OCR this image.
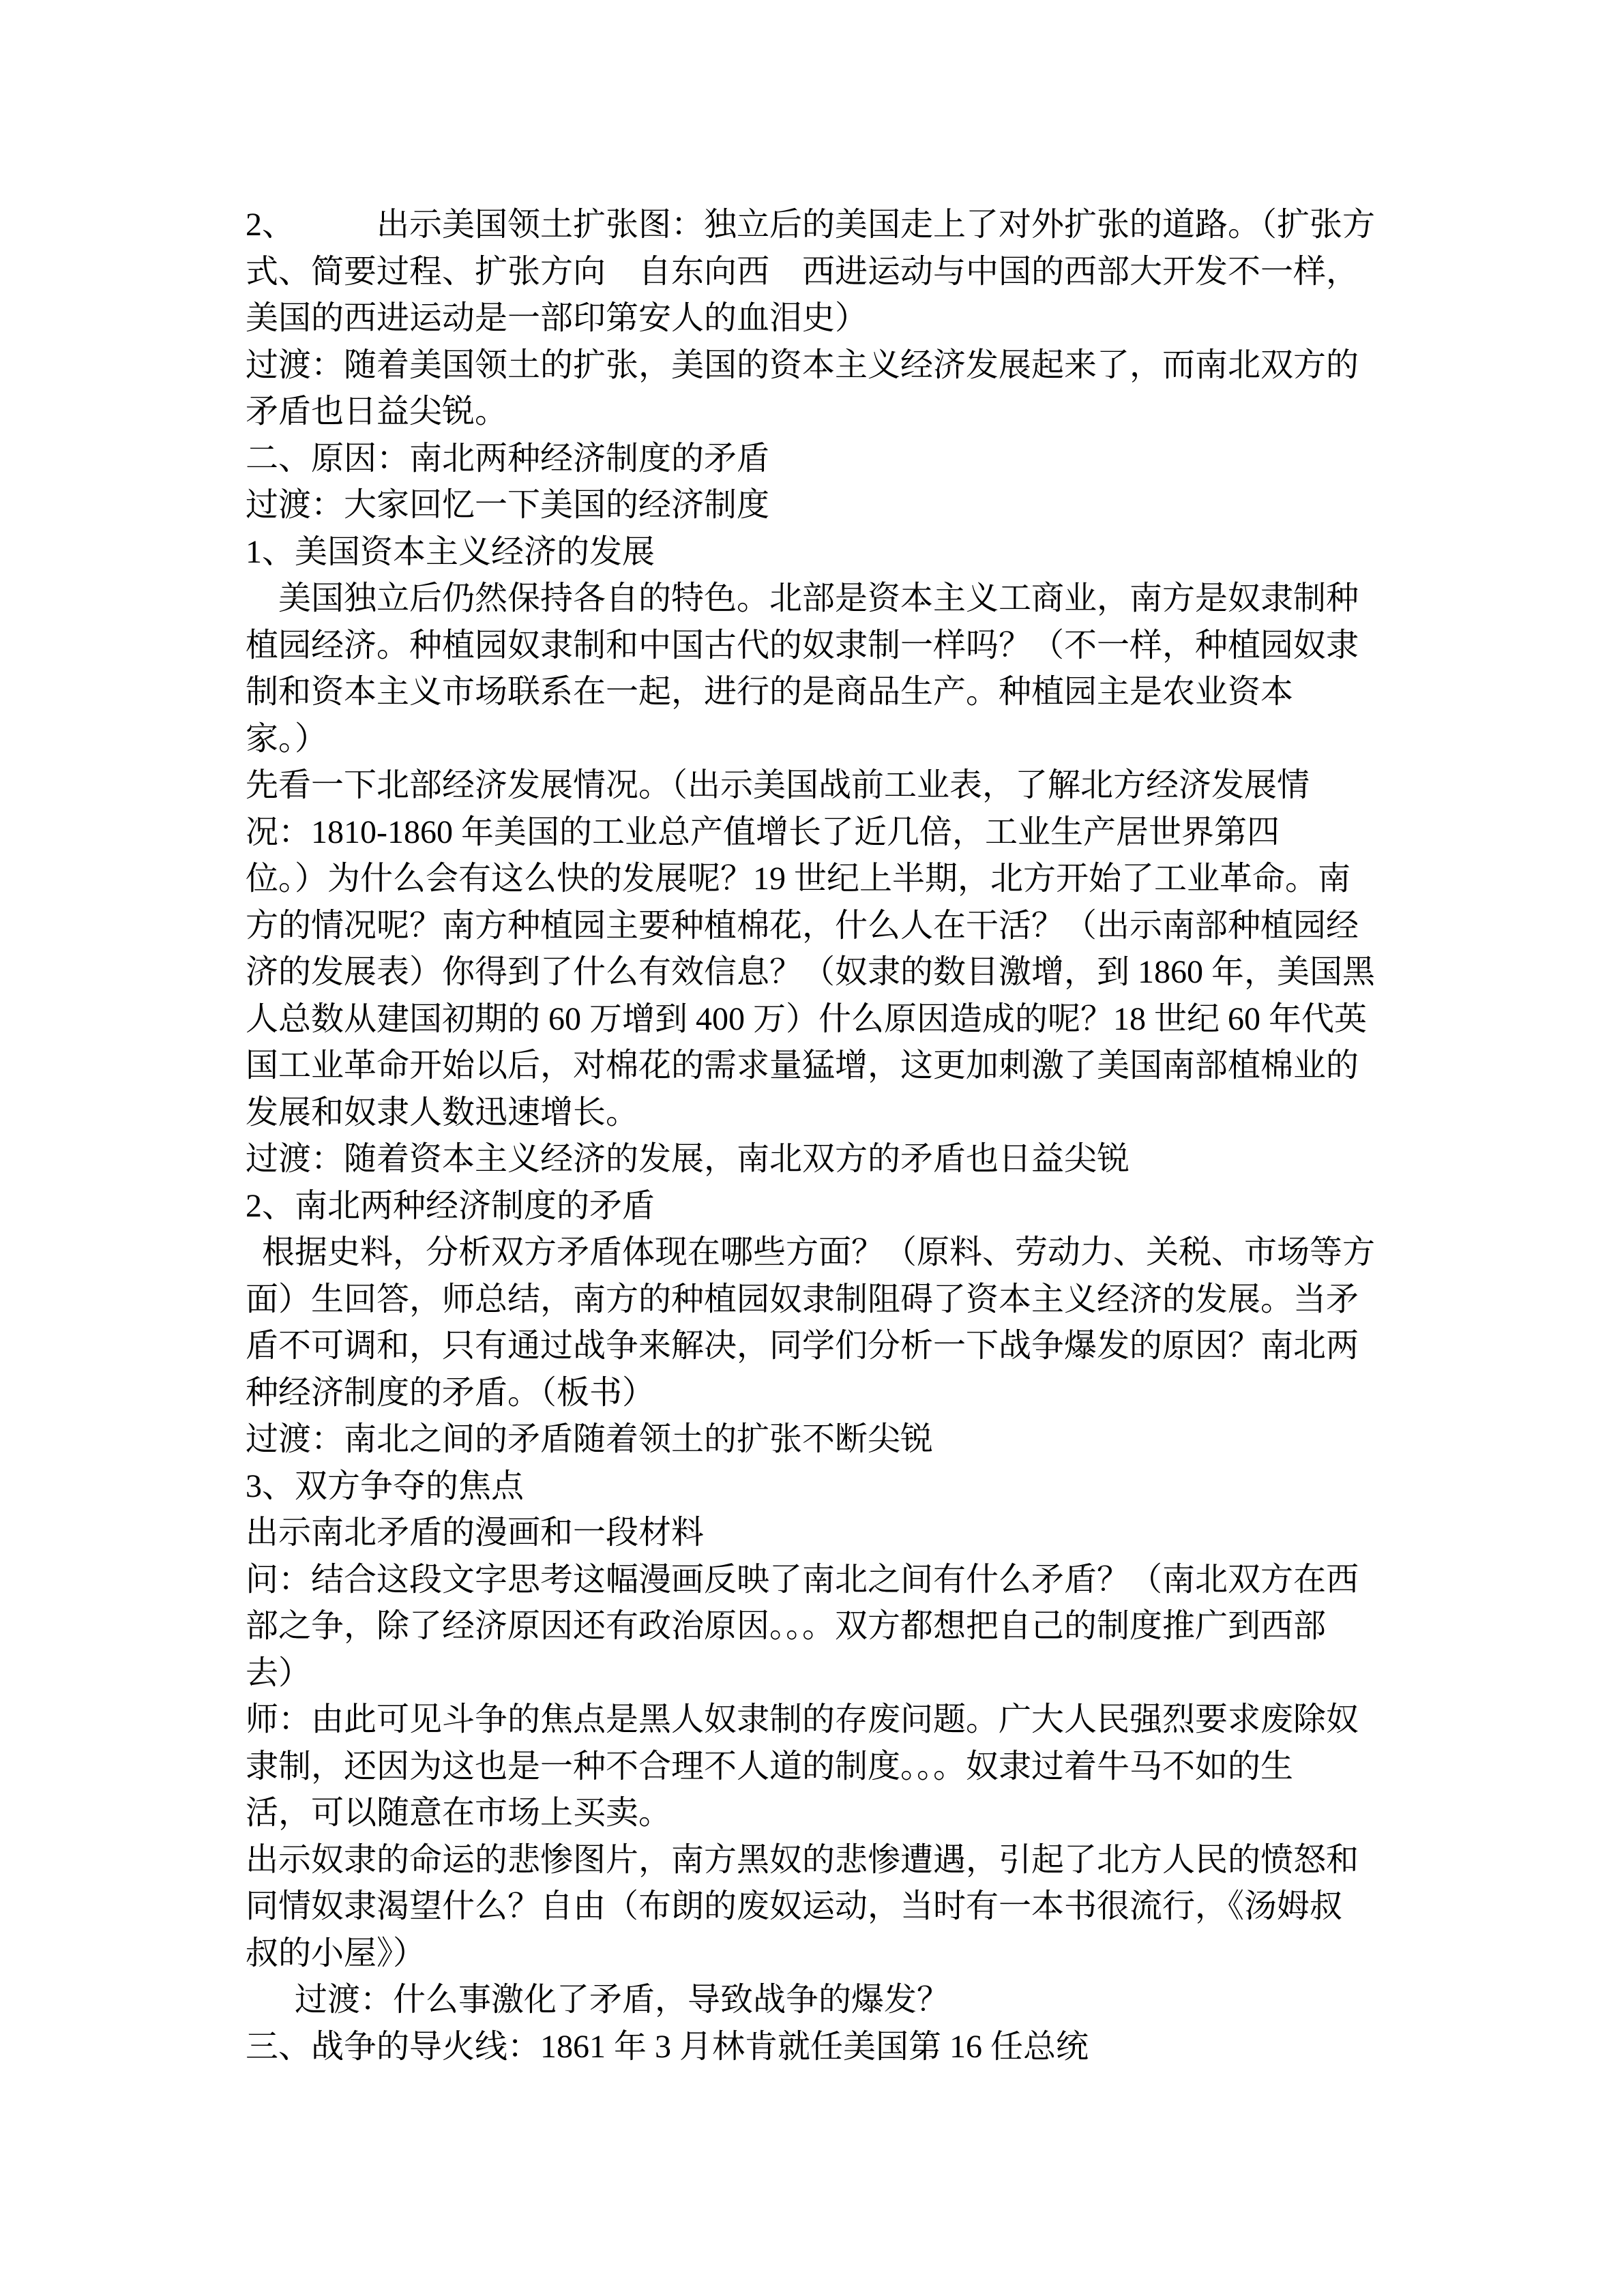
2、          出示美国领土扩张图：独立后的美国走上了对外扩张的道路。（扩张方
式、简要过程、扩张方向    自东向西    西进运动与中国的西部大开发不一样，
美国的西进运动是一部印第安人的血泪史）
过渡：随着美国领土的扩张，美国的资本主义经济发展起来了，而南北双方的
矛盾也日益尖锐。
二、原因：南北两种经济制度的矛盾
过渡：大家回忆一下美国的经济制度
1、美国资本主义经济的发展
美国独立后仍然保持各自的特色。北部是资本主义工商业，南方是奴隶制种
植园经济。种植园奴隶制和中国古代的奴隶制一样吗？（不一样，种植园奴隶
制和资本主义市场联系在一起，进行的是商品生产。种植园主是农业资本
家。）
先看一下北部经济发展情况。（出示美国战前工业表，了解北方经济发展情
况：1810-1860 年美国的工业总产值增长了近几倍，工业生产居世界第四
位。）为什么会有这么快的发展呢？19 世纪上半期，北方开始了工业革命。南
方的情况呢？南方种植园主要种植棉花，什么人在干活？（出示南部种植园经
济的发展表）你得到了什么有效信息？（奴隶的数目激增，到 1860 年，美国黑
人总数从建国初期的 60 万增到 400 万）什么原因造成的呢？18 世纪 60 年代英
国工业革命开始以后，对棉花的需求量猛增，这更加刺激了美国南部植棉业的
发展和奴隶人数迅速增长。
过渡：随着资本主义经济的发展，南北双方的矛盾也日益尖锐
2、南北两种经济制度的矛盾
根据史料，分析双方矛盾体现在哪些方面？（原料、劳动力、关税、市场等方
面）生回答，师总结，南方的种植园奴隶制阻碍了资本主义经济的发展。当矛
盾不可调和，只有通过战争来解决，同学们分析一下战争爆发的原因？南北两
种经济制度的矛盾。（板书）
过渡：南北之间的矛盾随着领土的扩张不断尖锐
3、双方争夺的焦点
出示南北矛盾的漫画和一段材料
问：结合这段文字思考这幅漫画反映了南北之间有什么矛盾？（南北双方在西
部之争，除了经济原因还有政治原因。。。双方都想把自己的制度推广到西部
去）
师：由此可见斗争的焦点是黑人奴隶制的存废问题。广大人民强烈要求废除奴
隶制，还因为这也是一种不合理不人道的制度。。。奴隶过着牛马不如的生
活，可以随意在市场上买卖。
出示奴隶的命运的悲惨图片，南方黑奴的悲惨遭遇，引起了北方人民的愤怒和
同情奴隶渴望什么？自由（布朗的废奴运动，当时有一本书很流行，《汤姆叔
叔的小屋》）
过渡：什么事激化了矛盾，导致战争的爆发？
三、战争的导火线：1861 年 3 月林肯就任美国第 16 任总统
